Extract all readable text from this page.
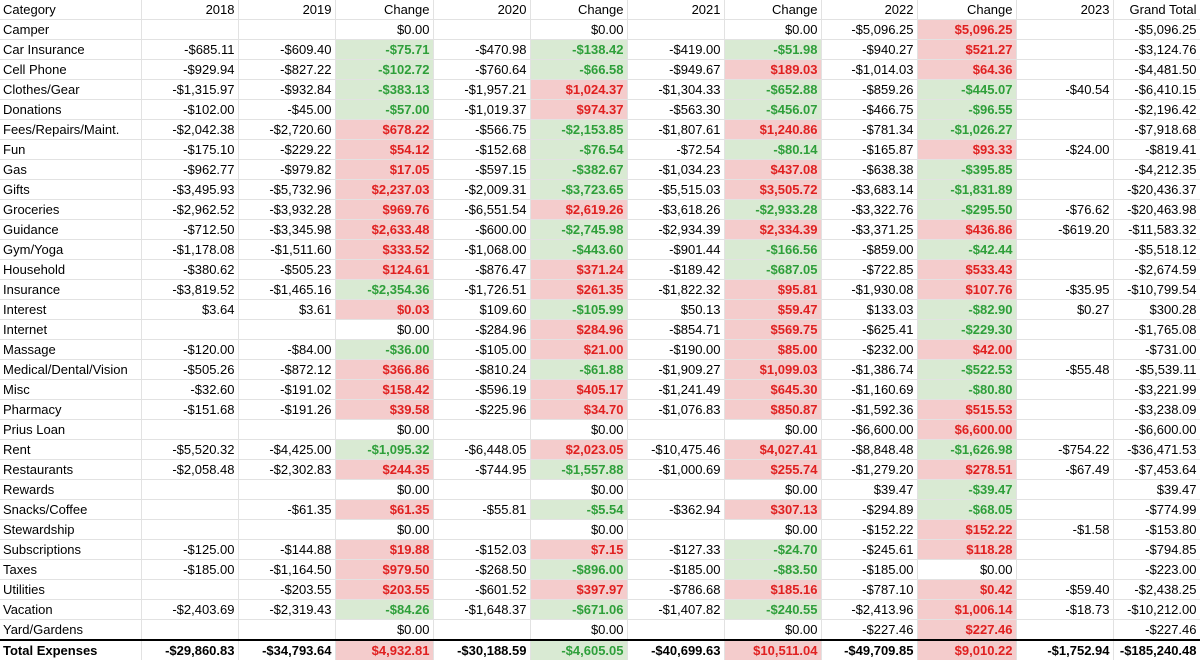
Category	2018	2019	Change	2020	Change	2021	Change	2022	Change	2023	Grand Total
Camper			$0.00		$0.00		$0.00	-$5,096.25	$5,096.25		-$5,096.25
Car Insurance	-$685.11	-$609.40	-$75.71	-$470.98	-$138.42	-$419.00	-$51.98	-$940.27	$521.27		-$3,124.76
Cell Phone	-$929.94	-$827.22	-$102.72	-$760.64	-$66.58	-$949.67	$189.03	-$1,014.03	$64.36		-$4,481.50
Clothes/Gear	-$1,315.97	-$932.84	-$383.13	-$1,957.21	$1,024.37	-$1,304.33	-$652.88	-$859.26	-$445.07	-$40.54	-$6,410.15
Donations	-$102.00	-$45.00	-$57.00	-$1,019.37	$974.37	-$563.30	-$456.07	-$466.75	-$96.55		-$2,196.42
Fees/Repairs/Maint.	-$2,042.38	-$2,720.60	$678.22	-$566.75	-$2,153.85	-$1,807.61	$1,240.86	-$781.34	-$1,026.27		-$7,918.68
Fun	-$175.10	-$229.22	$54.12	-$152.68	-$76.54	-$72.54	-$80.14	-$165.87	$93.33	-$24.00	-$819.41
Gas	-$962.77	-$979.82	$17.05	-$597.15	-$382.67	-$1,034.23	$437.08	-$638.38	-$395.85		-$4,212.35
Gifts	-$3,495.93	-$5,732.96	$2,237.03	-$2,009.31	-$3,723.65	-$5,515.03	$3,505.72	-$3,683.14	-$1,831.89		-$20,436.37
Groceries	-$2,962.52	-$3,932.28	$969.76	-$6,551.54	$2,619.26	-$3,618.26	-$2,933.28	-$3,322.76	-$295.50	-$76.62	-$20,463.98
Guidance	-$712.50	-$3,345.98	$2,633.48	-$600.00	-$2,745.98	-$2,934.39	$2,334.39	-$3,371.25	$436.86	-$619.20	-$11,583.32
Gym/Yoga	-$1,178.08	-$1,511.60	$333.52	-$1,068.00	-$443.60	-$901.44	-$166.56	-$859.00	-$42.44		-$5,518.12
Household	-$380.62	-$505.23	$124.61	-$876.47	$371.24	-$189.42	-$687.05	-$722.85	$533.43		-$2,674.59
Insurance	-$3,819.52	-$1,465.16	-$2,354.36	-$1,726.51	$261.35	-$1,822.32	$95.81	-$1,930.08	$107.76	-$35.95	-$10,799.54
Interest	$3.64	$3.61	$0.03	$109.60	-$105.99	$50.13	$59.47	$133.03	-$82.90	$0.27	$300.28
Internet			$0.00	-$284.96	$284.96	-$854.71	$569.75	-$625.41	-$229.30		-$1,765.08
Massage	-$120.00	-$84.00	-$36.00	-$105.00	$21.00	-$190.00	$85.00	-$232.00	$42.00		-$731.00
Medical/Dental/Vision	-$505.26	-$872.12	$366.86	-$810.24	-$61.88	-$1,909.27	$1,099.03	-$1,386.74	-$522.53	-$55.48	-$5,539.11
Misc	-$32.60	-$191.02	$158.42	-$596.19	$405.17	-$1,241.49	$645.30	-$1,160.69	-$80.80		-$3,221.99
Pharmacy	-$151.68	-$191.26	$39.58	-$225.96	$34.70	-$1,076.83	$850.87	-$1,592.36	$515.53		-$3,238.09
Prius Loan			$0.00		$0.00		$0.00	-$6,600.00	$6,600.00		-$6,600.00
Rent	-$5,520.32	-$4,425.00	-$1,095.32	-$6,448.05	$2,023.05	-$10,475.46	$4,027.41	-$8,848.48	-$1,626.98	-$754.22	-$36,471.53
Restaurants	-$2,058.48	-$2,302.83	$244.35	-$744.95	-$1,557.88	-$1,000.69	$255.74	-$1,279.20	$278.51	-$67.49	-$7,453.64
Rewards			$0.00		$0.00		$0.00	$39.47	-$39.47		$39.47
Snacks/Coffee		-$61.35	$61.35	-$55.81	-$5.54	-$362.94	$307.13	-$294.89	-$68.05		-$774.99
Stewardship			$0.00		$0.00		$0.00	-$152.22	$152.22	-$1.58	-$153.80
Subscriptions	-$125.00	-$144.88	$19.88	-$152.03	$7.15	-$127.33	-$24.70	-$245.61	$118.28		-$794.85
Taxes	-$185.00	-$1,164.50	$979.50	-$268.50	-$896.00	-$185.00	-$83.50	-$185.00	$0.00		-$223.00
Utilities		-$203.55	$203.55	-$601.52	$397.97	-$786.68	$185.16	-$787.10	$0.42	-$59.40	-$2,438.25
Vacation	-$2,403.69	-$2,319.43	-$84.26	-$1,648.37	-$671.06	-$1,407.82	-$240.55	-$2,413.96	$1,006.14	-$18.73	-$10,212.00
Yard/Gardens			$0.00		$0.00		$0.00	-$227.46	$227.46		-$227.46
Total Expenses	-$29,860.83	-$34,793.64	$4,932.81	-$30,188.59	-$4,605.05	-$40,699.63	$10,511.04	-$49,709.85	$9,010.22	-$1,752.94	-$185,240.48
